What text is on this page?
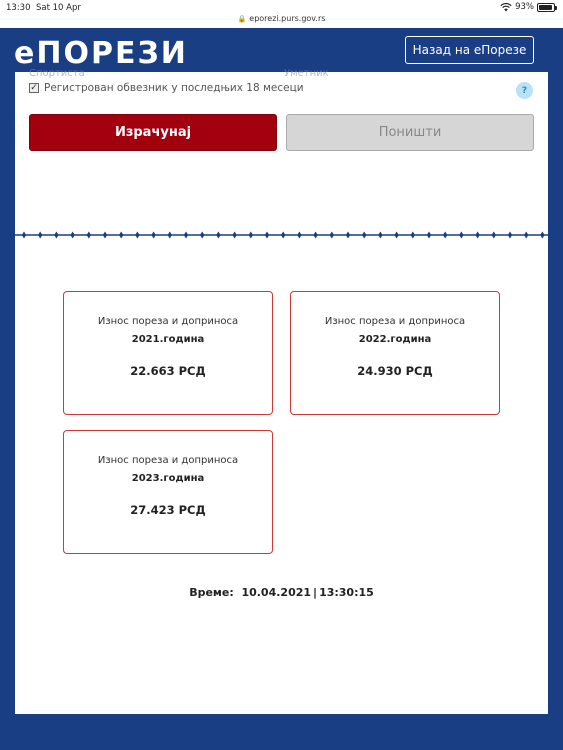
13:30 Sat 10 Apr	93%
🔒 eporezi.purs.gov.rs
еПОРЕЗИ	Назад на еПорезе
Спортиста	Уметник
✓ Регистрован обвезник у последњих 18 месеци	?
Израчунај	Поништи
Износ пореза и доприноса
2021.година
22.663 РСД
Износ пореза и доприноса
2022.година
24.930 РСД
Износ пореза и доприноса
2023.година
27.423 РСД
Време: 10.04.2021 | 13:30:15
